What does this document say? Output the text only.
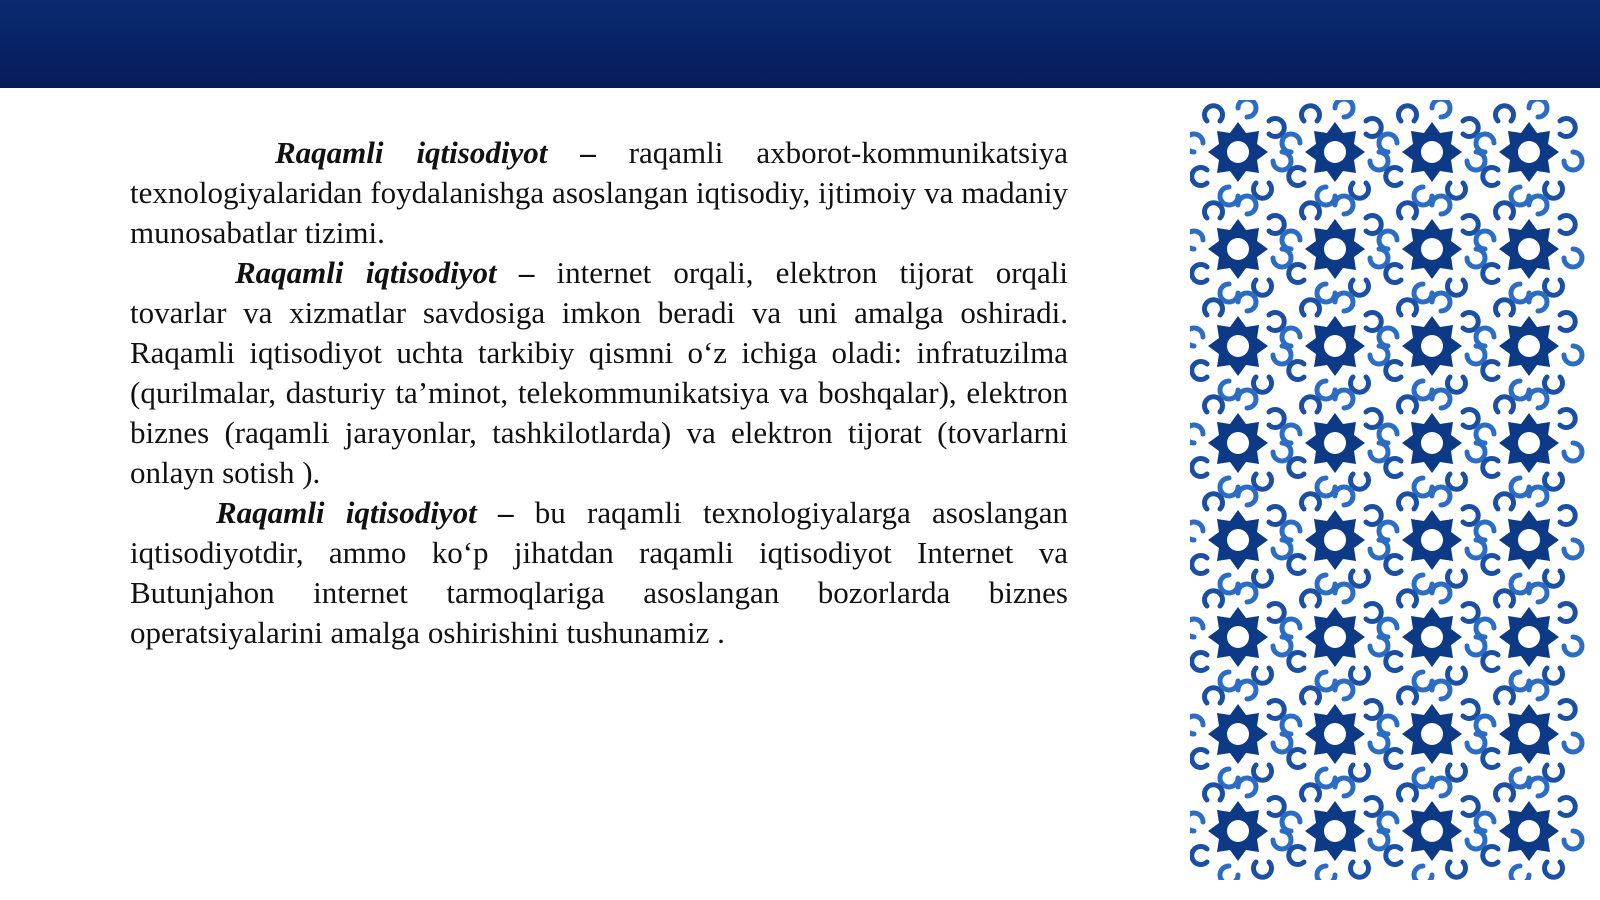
Raqamli iqtisodiyot – raqamli axborot-kommunikatsiya texnologiyalaridan foydalanishga asoslangan iqtisodiy, ijtimoiy va madaniy munosabatlar tizimi.

Raqamli iqtisodiyot – internet orqali, elektron tijorat orqali tovarlar va xizmatlar savdosiga imkon beradi va uni amalga oshiradi. Raqamli iqtisodiyot uchta tarkibiy qismni o‘z ichiga oladi: infratuzilma (qurilmalar, dasturiy ta’minot, telekommunikatsiya va boshqalar), elektron biznes (raqamli jarayonlar, tashkilotlarda) va elektron tijorat (tovarlarni onlayn sotish ).

Raqamli iqtisodiyot – bu raqamli texnologiyalarga asoslangan iqtisodiyotdir, ammo ko‘p jihatdan raqamli iqtisodiyot Internet va Butunjahon internet tarmoqlariga asoslangan bozorlarda biznes operatsiyalarini amalga oshirishini tushunamiz .
